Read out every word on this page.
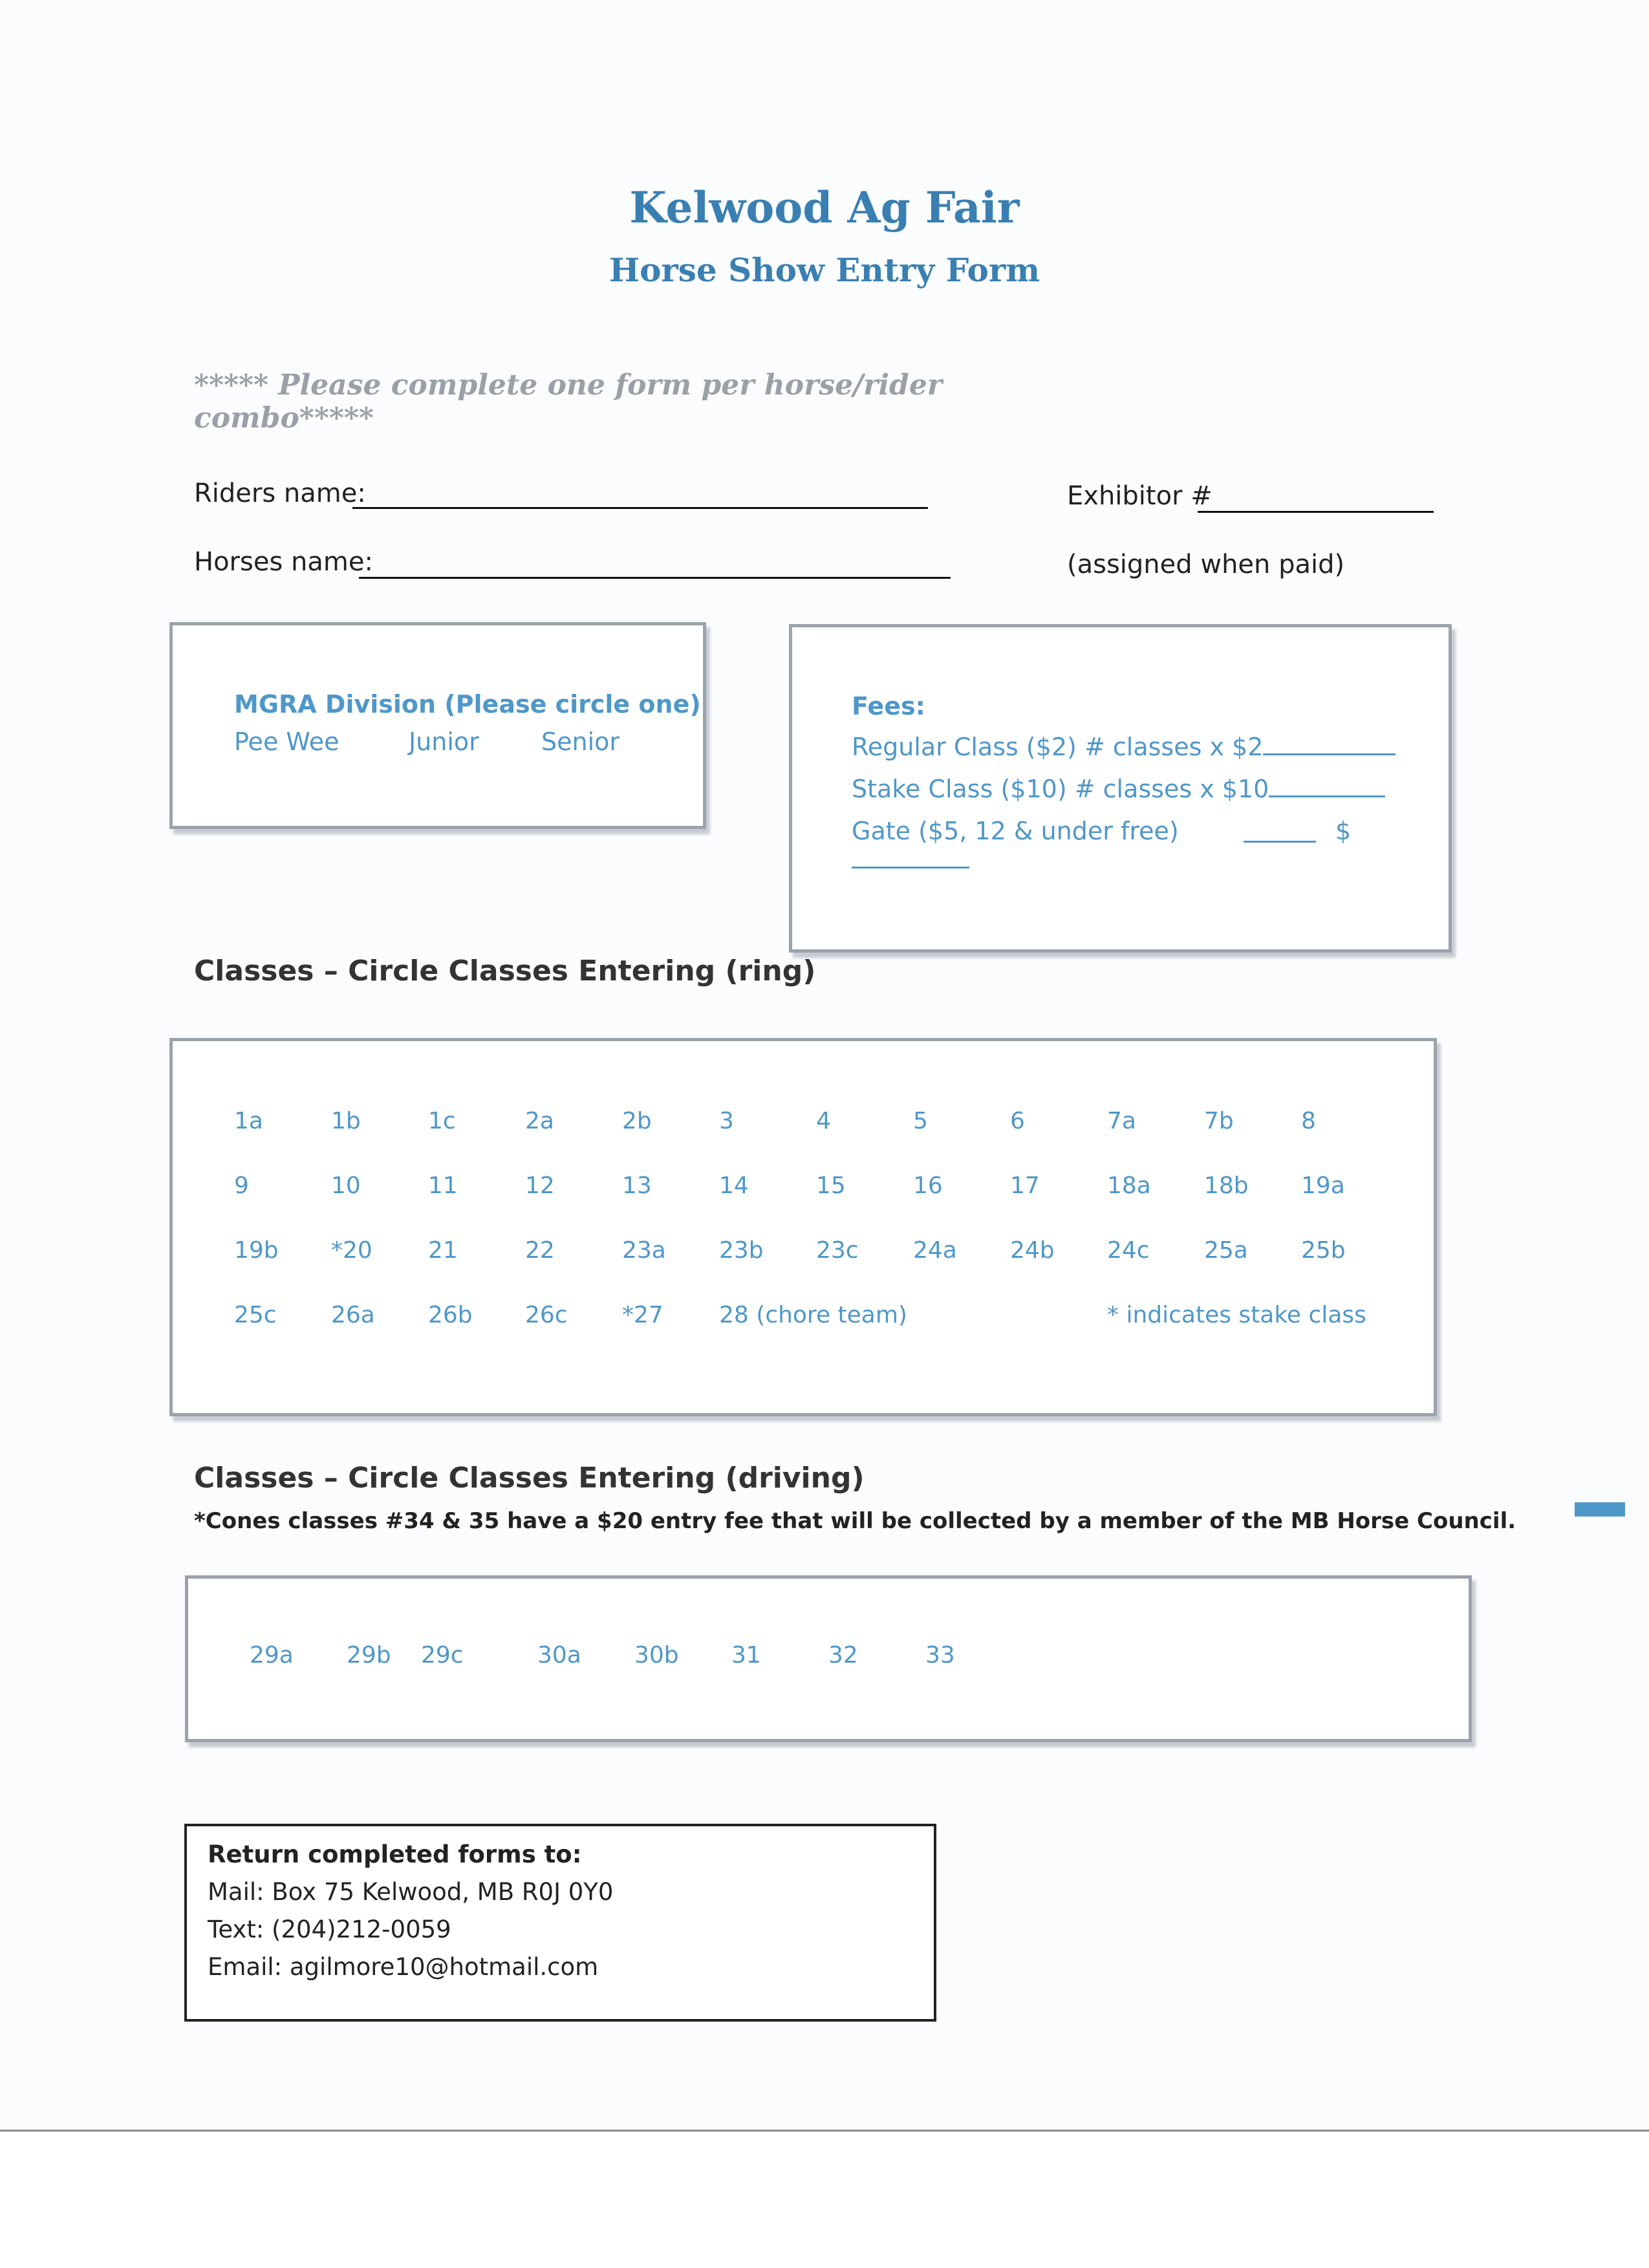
Kelwood Ag Fair
Horse Show Entry Form
***** Please complete one form per horse/rider combo*****
Riders name:
Horses name:
Exhibitor #
(assigned when paid)
MGRA Division (Please circle one)
Pee Wee	Junior	Senior
Fees:
Regular Class ($2) # classes x $2
Stake Class ($10) # classes x $10
Gate ($5, 12 & under free)	$
Classes – Circle Classes Entering (ring)
1a	1b	1c	2a	2b	3	4	5	6	7a	7b	8
9	10	11	12	13	14	15	16	17	18a 18b 19a
19b *20 21	22	23a 23b 23c 24a 24b 24c 25a 25b
25c 26a 26b 26c *27 28 (chore team)	* indicates stake class
Classes – Circle Classes Entering (driving)
*Cones classes #34 & 35 have a $20 entry fee that will be collected by a member of the MB Horse Council.
29a 29b 29c	30a 30b 31	32	33
Return completed forms to:
Mail: Box 75 Kelwood, MB R0J 0Y0
Text: (204)212-0059
Email: agilmore10@hotmail.com
